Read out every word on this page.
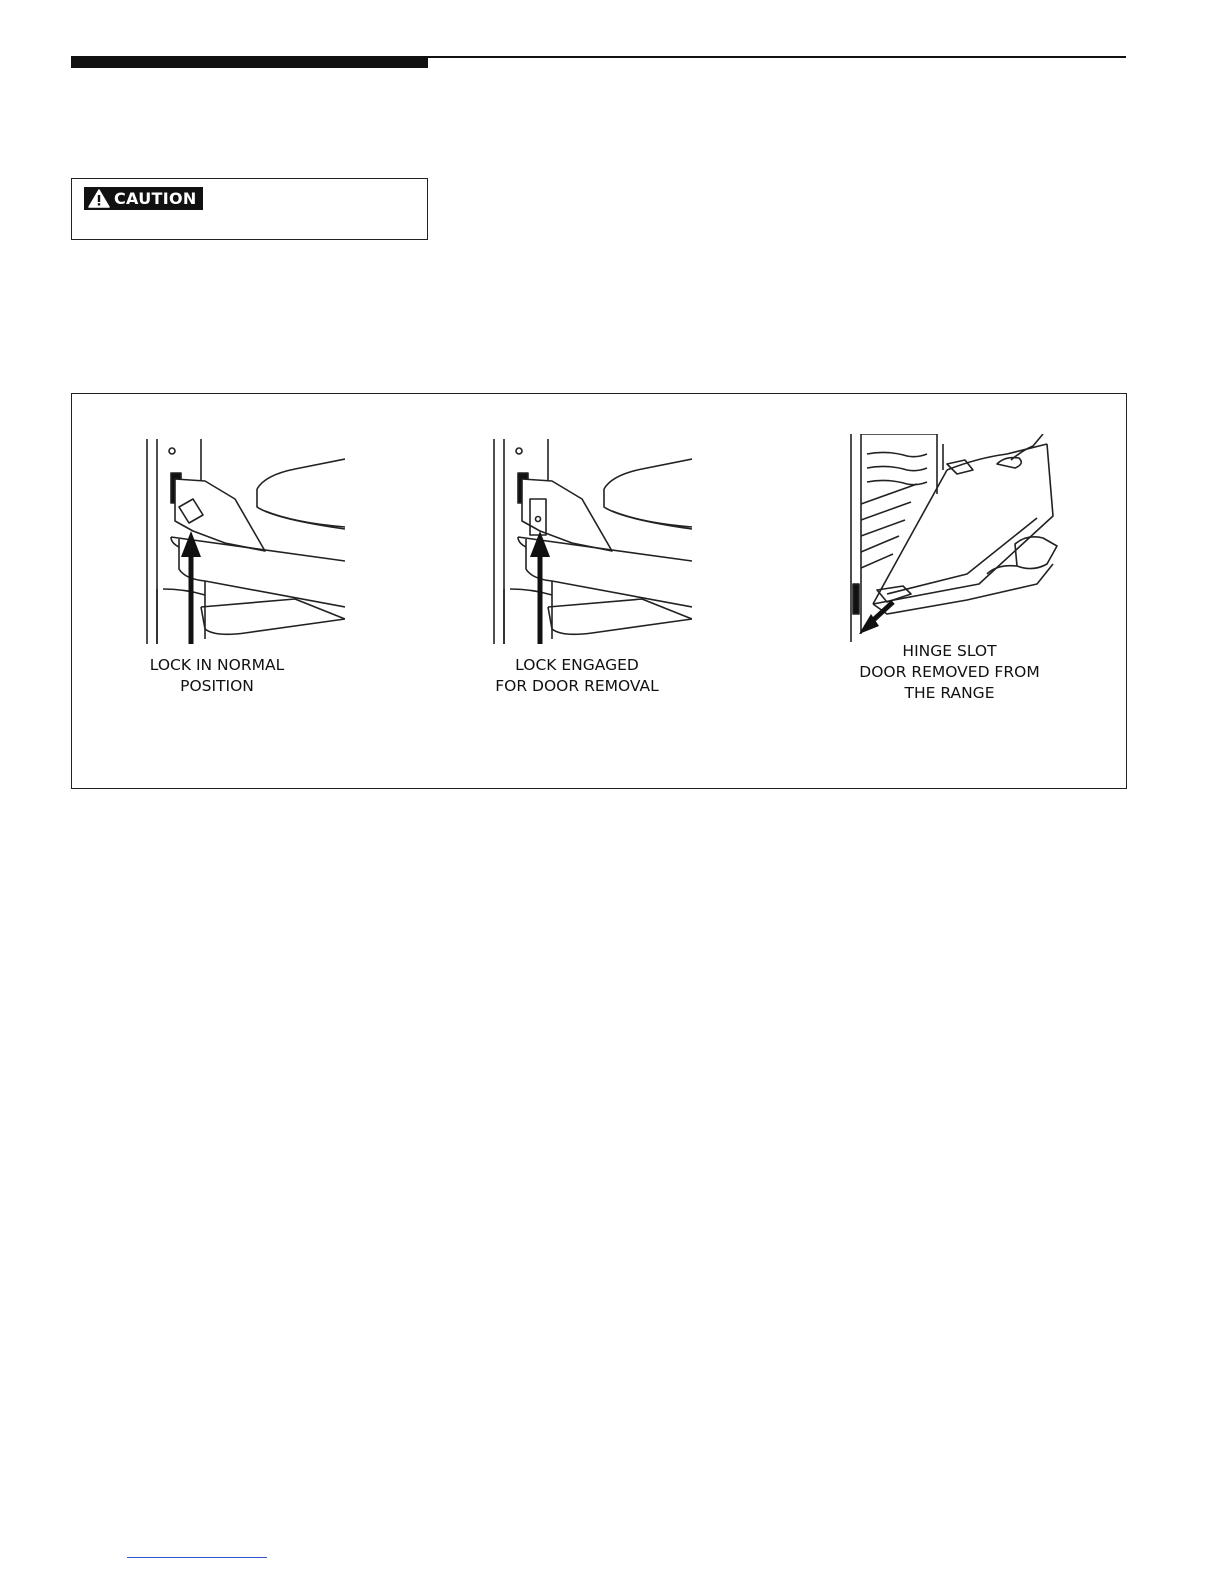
CAUTION
LOCK IN NORMAL
POSITION
LOCK ENGAGED
FOR DOOR REMOVAL
HINGE SLOT
DOOR REMOVED FROM
THE RANGE
